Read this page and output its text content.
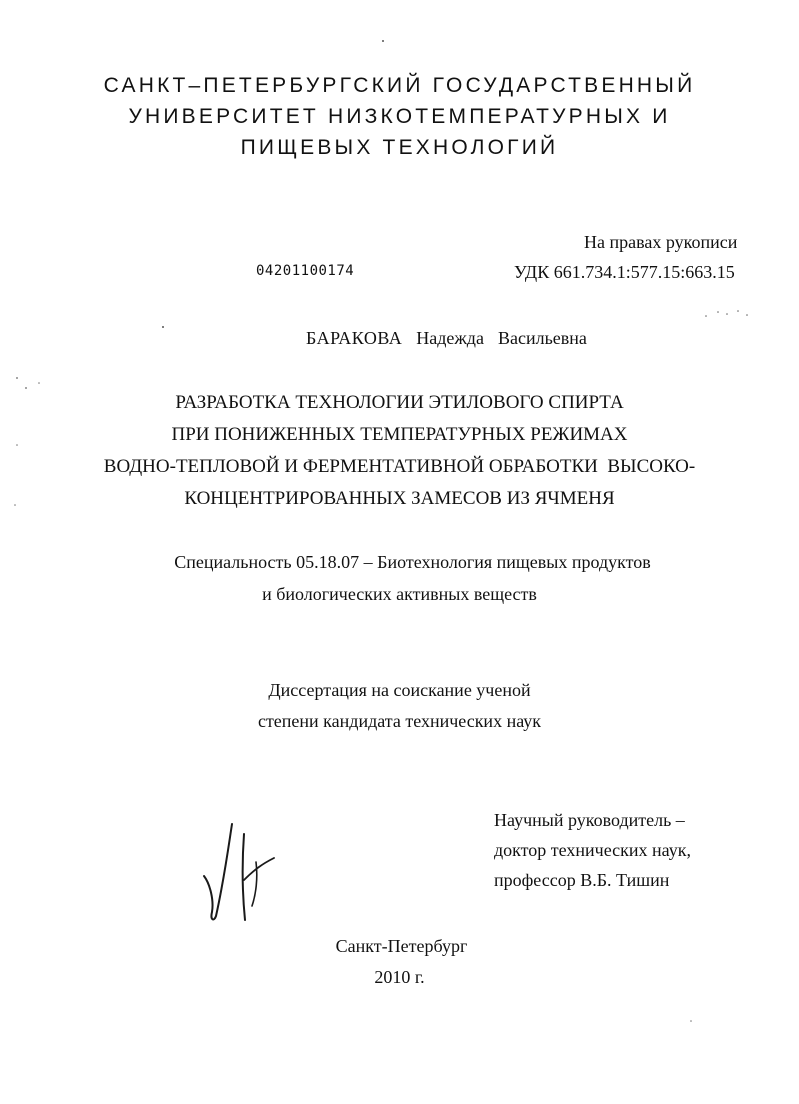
САНКТ–ПЕТЕРБУРГСКИЙ ГОСУДАРСТВЕННЫЙ
УНИВЕРСИТЕТ НИЗКОТЕМПЕРАТУРНЫХ И
ПИЩЕВЫХ ТЕХНОЛОГИЙ
На правах рукописи
04201100174	УДК 661.734.1:577.15:663.15
БАРАКОВА Надежда Васильевна
РАЗРАБОТКА ТЕХНОЛОГИИ ЭТИЛОВОГО СПИРТА
ПРИ ПОНИЖЕННЫХ ТЕМПЕРАТУРНЫХ РЕЖИМАХ
ВОДНО-ТЕПЛОВОЙ И ФЕРМЕНТАТИВНОЙ ОБРАБОТКИ  ВЫСОКО-
КОНЦЕНТРИРОВАННЫХ ЗАМЕСОВ ИЗ ЯЧМЕНЯ
Специальность 05.18.07 – Биотехнология пищевых продуктов
и биологических активных веществ
Диссертация на соискание ученой
степени кандидата технических наук
Научный руководитель –
доктор технических наук,
профессор В.Б. Тишин
Санкт-Петербург
2010 г.
